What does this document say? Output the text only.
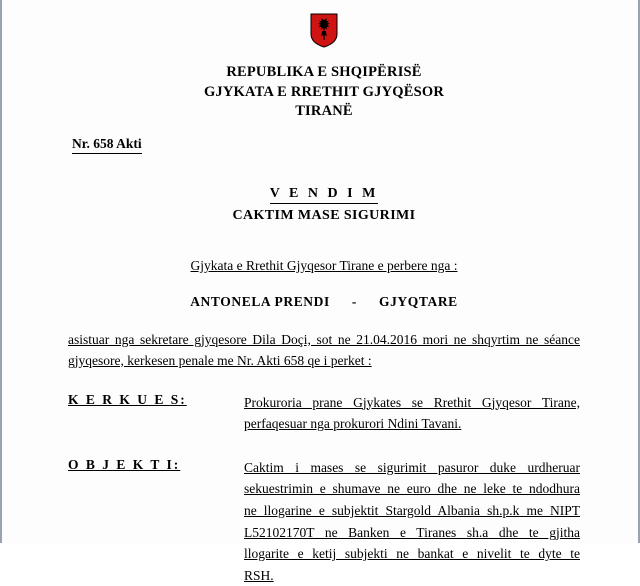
REPUBLIKA E SHQIPËRISË
GJYKATA E RRETHIT GJYQËSOR
TIRANË
Nr. 658 Akti
V E N D I M
CAKTIM MASE SIGURIMI
Gjykata e Rrethit Gjyqesor Tirane e perbere nga :
ANTONELA PRENDI - GJYQTARE
asistuar nga sekretare gjyqesore Dila Doçi, sot ne 21.04.2016 mori ne shqyrtim ne séance gjyqesore, kerkesen penale me Nr. Akti 658 qe i perket :
K E R K U E S:	Prokuroria prane Gjykates se Rrethit Gjyqesor Tirane, perfaqesuar nga prokurori Ndini Tavani.
O B J E K T I:	Caktim i mases se sigurimit pasuror duke urdheruar sekuestrimin e shumave ne euro dhe ne leke te ndodhura ne llogarine e subjektit Stargold Albania sh.p.k me NIPT L52102170T ne Banken e Tiranes sh.a dhe te gjitha llogarite e ketij subjekti ne bankat e nivelit te dyte te RSH.
